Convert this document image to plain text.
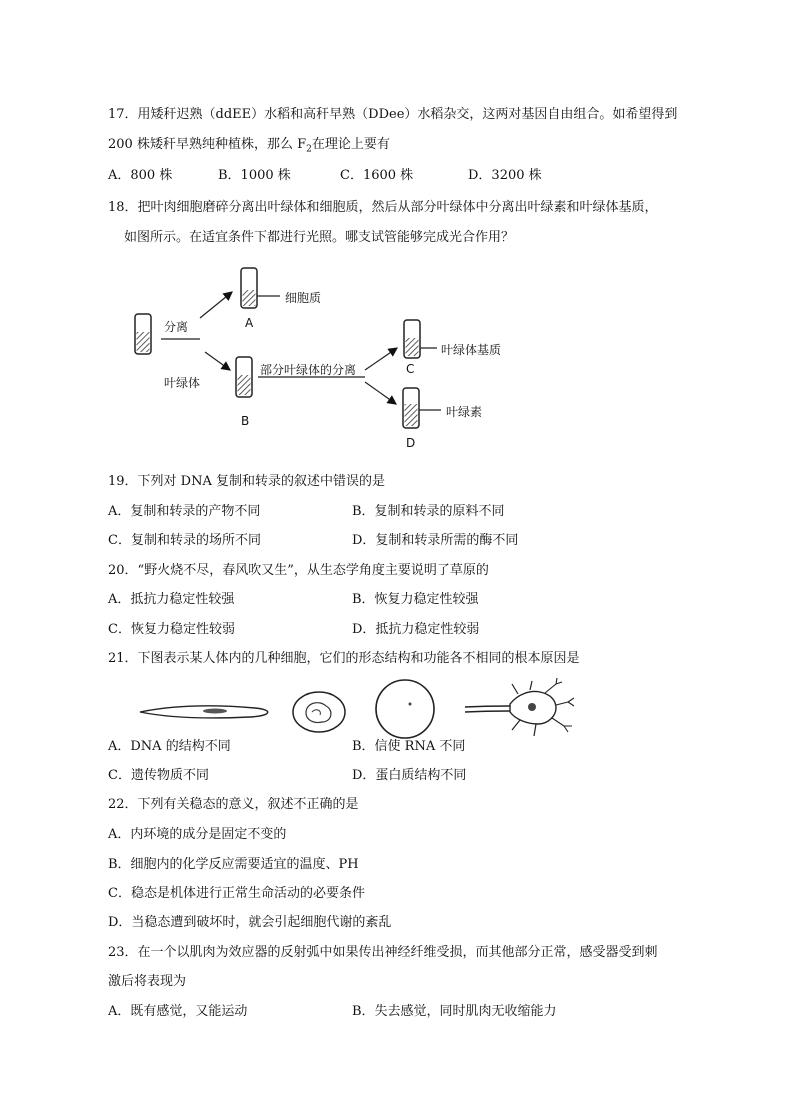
17．用矮秆迟熟（ddEE）水稻和高秆早熟（DDee）水稻杂交，这两对基因自由组合。如希望得到
200 株矮秆早熟纯种植株，那么 $F_2$在理论上要有
A．800 株	B．1000 株	C．1600 株	D．3200 株
18．把叶肉细胞磨碎分离出叶绿体和细胞质，然后从部分叶绿体中分离出叶绿素和叶绿体基质，
如图所示。在适宜条件下都进行光照。哪支试管能够完成光合作用？
分离
叶绿体
部分叶绿体的分离
细胞质
叶绿体基质
叶绿素
A
B
C
D
19．下列对 DNA 复制和转录的叙述中错误的是
A．复制和转录的产物不同	B．复制和转录的原料不同
C．复制和转录的场所不同	D．复制和转录所需的酶不同
20．“野火烧不尽，春风吹又生”，从生态学角度主要说明了草原的
A．抵抗力稳定性较强	B．恢复力稳定性较强
C．恢复力稳定性较弱	D．抵抗力稳定性较弱
21．下图表示某人体内的几种细胞，它们的形态结构和功能各不相同的根本原因是
A．DNA 的结构不同	B．信使 RNA 不同
C．遗传物质不同	D．蛋白质结构不同
22．下列有关稳态的意义，叙述不正确的是
A．内环境的成分是固定不变的
B．细胞内的化学反应需要适宜的温度、PH
C．稳态是机体进行正常生命活动的必要条件
D．当稳态遭到破坏时，就会引起细胞代谢的紊乱
23．在一个以肌肉为效应器的反射弧中如果传出神经纤维受损，而其他部分正常，感受器受到刺
激后将表现为
A．既有感觉，又能运动	B．失去感觉，同时肌肉无收缩能力
